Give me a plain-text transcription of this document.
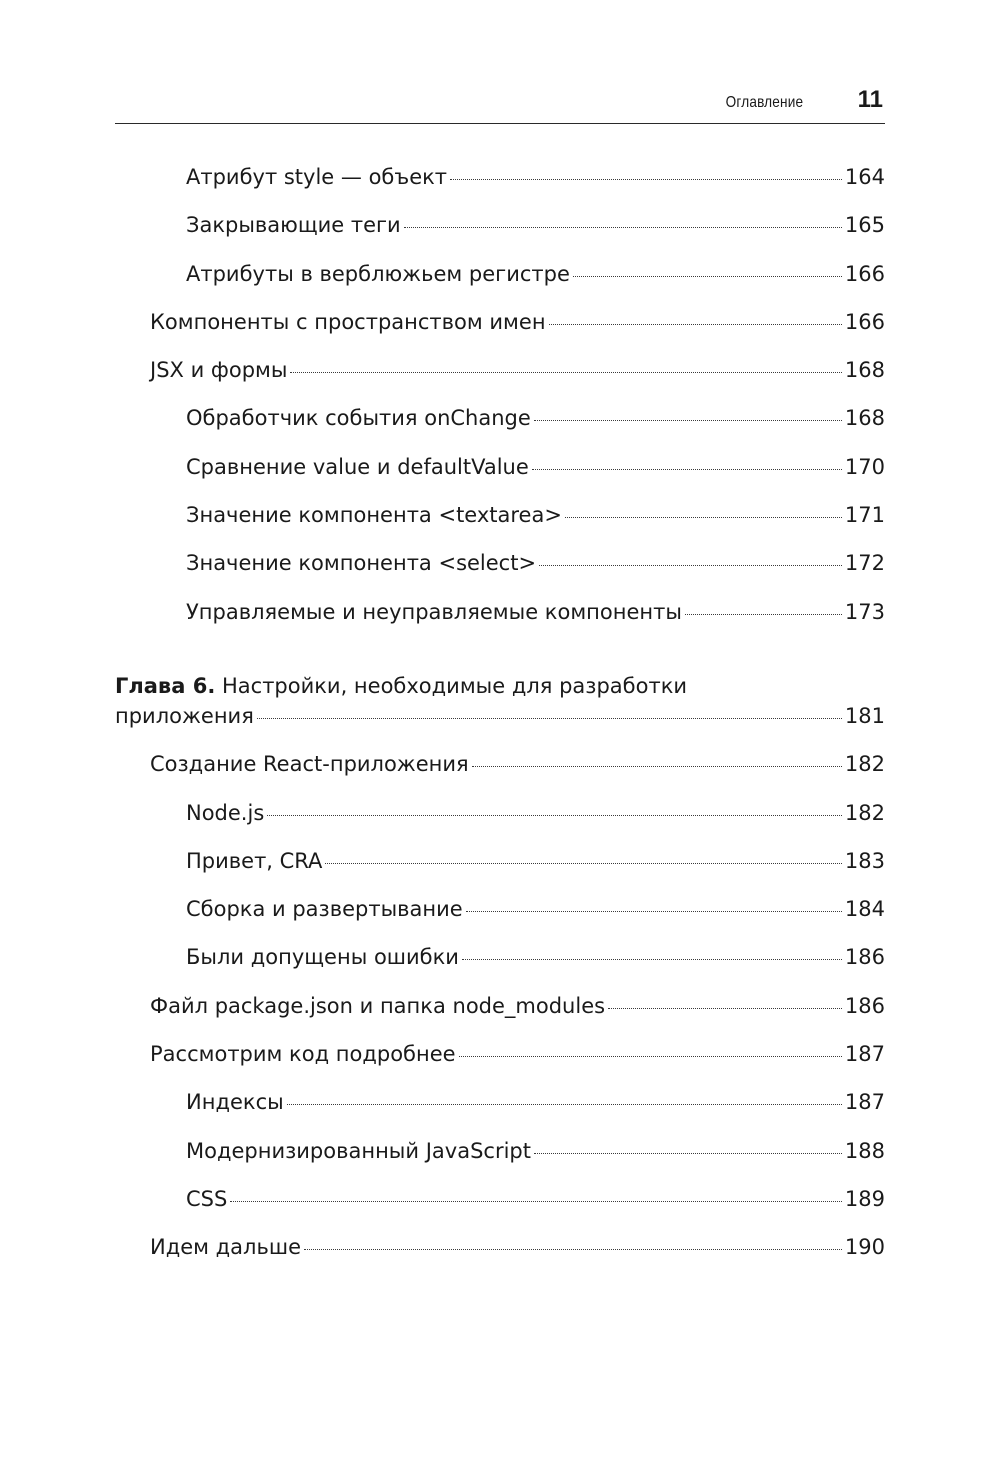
Оглавление 11
Атрибут style — объект	164
Закрывающие теги	165
Атрибуты в верблюжьем регистре	166
Компоненты с пространством имен	166
JSX и формы	168
Обработчик события onChange	168
Сравнение value и defaultValue	170
Значение компонента <textarea>	171
Значение компонента <select>	172
Управляемые и неуправляемые компоненты	173
Глава 6. Настройки, необходимые для разработки
приложения	181
Создание React-приложения	182
Node.js	182
Привет, CRA	183
Сборка и развертывание	184
Были допущены ошибки	186
Файл package.json и папка node_modules	186
Рассмотрим код подробнее	187
Индексы	187
Модернизированный JavaScript	188
CSS	189
Идем дальше	190
